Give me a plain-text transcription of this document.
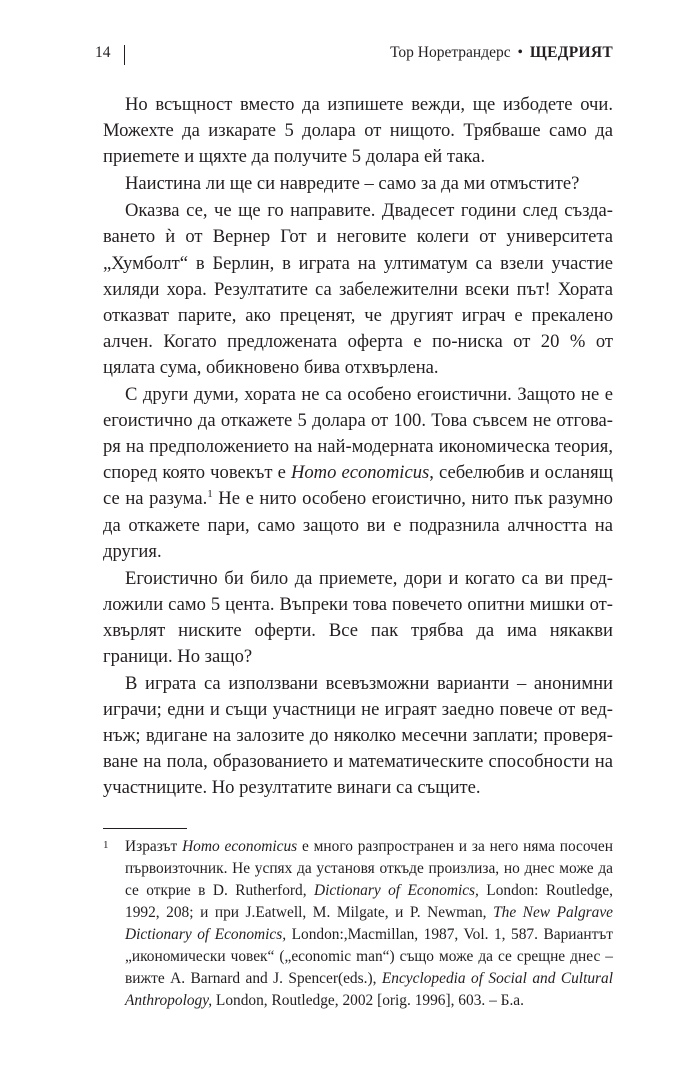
14	Тор Норетрандерс • ЩЕДРИЯТ

Но всъщност вместо да изпишете вежди, ще избодете очи. Можехте да изкарате 5 долара от нищото. Трябваше само да приemете и щяхте да получите 5 долара ей така.

Наистина ли ще си навредите – само за да ми отмъстите?

Оказва се, че ще го направите. Двадесет години след създаването ѝ от Вернер Гот и неговите колеги от университета „Хумболт“ в Берлин, в играта на ултиматум са взели участие хиляди хора. Резултатите са забележителни всеки път! Хората отказват парите, ако преценят, че другият играч е прекалено алчен. Когато предложената оферта е по-ниска от 20 % от цялата сума, обикновено бива отхвърлена.

С други думи, хората не са особено егоистични. Защото не е егоистично да откажете 5 долара от 100. Това съвсем не отговаря на предположението на най-модерната икономическа теория, според която човекът е Homo economicus, себелюбив и осланящ се на разума.$^1$ Не е нито особено егоистично, нито пък разумно да откажете пари, само защото ви е подразнила алчността на другия.

Егоистично би било да приемете, дори и когато са ви предложили само 5 цента. Въпреки това повечето опитни мишки отхвърлят ниските оферти. Все пак трябва да има някакви граници. Но защо?

В играта са използвани всевъзможни варианти – анонимни играчи; едни и същи участници не играят заедно повече от веднъж; вдигане на залозите до няколко месечни заплати; проверяване на пола, образованието и математическите способности на участниците. Но резултатите винаги са същите.

1	Изразът Homo economicus е много разпространен и за него няма посочен първоизточник. Не успях да установя откъде произлиза, но днес може да се открие в D. Rutherford, Dictionary of Economics, London: Routledge, 1992, 208; и при J.Eatwell, M. Milgate, и P. Newman, The New Palgrave Dictionary of Economics, London:,Macmillan, 1987, Vol. 1, 587. Вариантът „икономически човек“ („economic man“) също може да се срещне днес – вижте A. Barnard and J. Spencer(eds.), Encyclopedia of Social and Cultural Anthropology, London, Routledge, 2002 [orig. 1996], 603. – Б.а.
